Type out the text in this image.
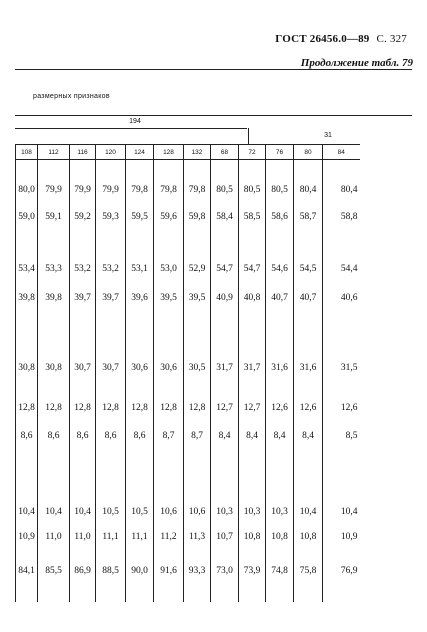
ГОСТ 26456.0—89 С. 327
Продолжение табл. 79
размерных признаков
194
31
108	112	116	120	124	128	132	68	72	76	80	84

80,0	79,9	79,9	79,9	79,8	79,8	79,8	80,5	80,5	80,5	80,4	80,4
59,0	59,1	59,2	59,3	59,5	59,6	59,8	58,4	58,5	58,6	58,7	58,8

53,4	53,3	53,2	53,2	53,1	53,0	52,9	54,7	54,7	54,6	54,5	54,4
39,8	39,8	39,7	39,7	39,6	39,5	39,5	40,9	40,8	40,7	40,7	40,6

30,8	30,8	30,7	30,7	30,6	30,6	30,5	31,7	31,7	31,6	31,6	31,5

12,8	12,8	12,8	12,8	12,8	12,8	12,8	12,7	12,7	12,6	12,6	12,6
8,6	8,6	8,6	8,6	8,6	8,7	8,7	8,4	8,4	8,4	8,4	8,5

10,4	10,4	10,4	10,5	10,5	10,6	10,6	10,3	10,3	10,3	10,4	10,4
10,9	11,0	11,0	11,1	11,1	11,2	11,3	10,7	10,8	10,8	10,8	10,9

84,1	85,5	86,9	88,5	90,0	91,6	93,3	73,0	73,9	74,8	75,8	76,9
